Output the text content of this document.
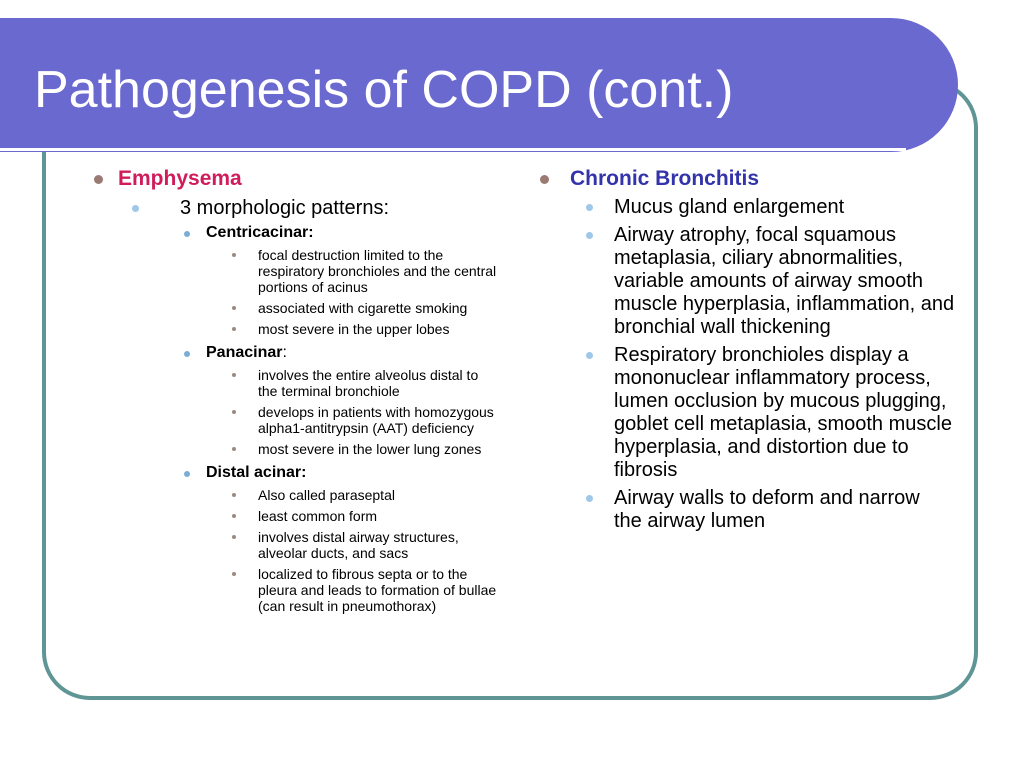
Pathogenesis of COPD (cont.)
Emphysema
3 morphologic patterns:
Centricacinar:
focal destruction limited to the respiratory bronchioles and the central portions of acinus
associated with cigarette smoking
most severe in the upper lobes
Panacinar:
involves the entire alveolus distal to the terminal bronchiole
develops in patients with homozygous alpha1-antitrypsin (AAT) deficiency
most severe in the lower lung zones
Distal acinar:
Also called paraseptal
least common form
involves distal airway structures, alveolar ducts, and sacs
localized to fibrous septa or to the pleura and leads to formation of bullae (can result in pneumothorax)
Chronic Bronchitis
Mucus gland enlargement
Airway atrophy, focal squamous metaplasia, ciliary abnormalities, variable amounts of airway smooth muscle hyperplasia, inflammation, and bronchial wall thickening
Respiratory bronchioles display a mononuclear inflammatory process, lumen occlusion by mucous plugging, goblet cell metaplasia, smooth muscle hyperplasia, and distortion due to fibrosis
Airway walls to deform and narrow the airway lumen
